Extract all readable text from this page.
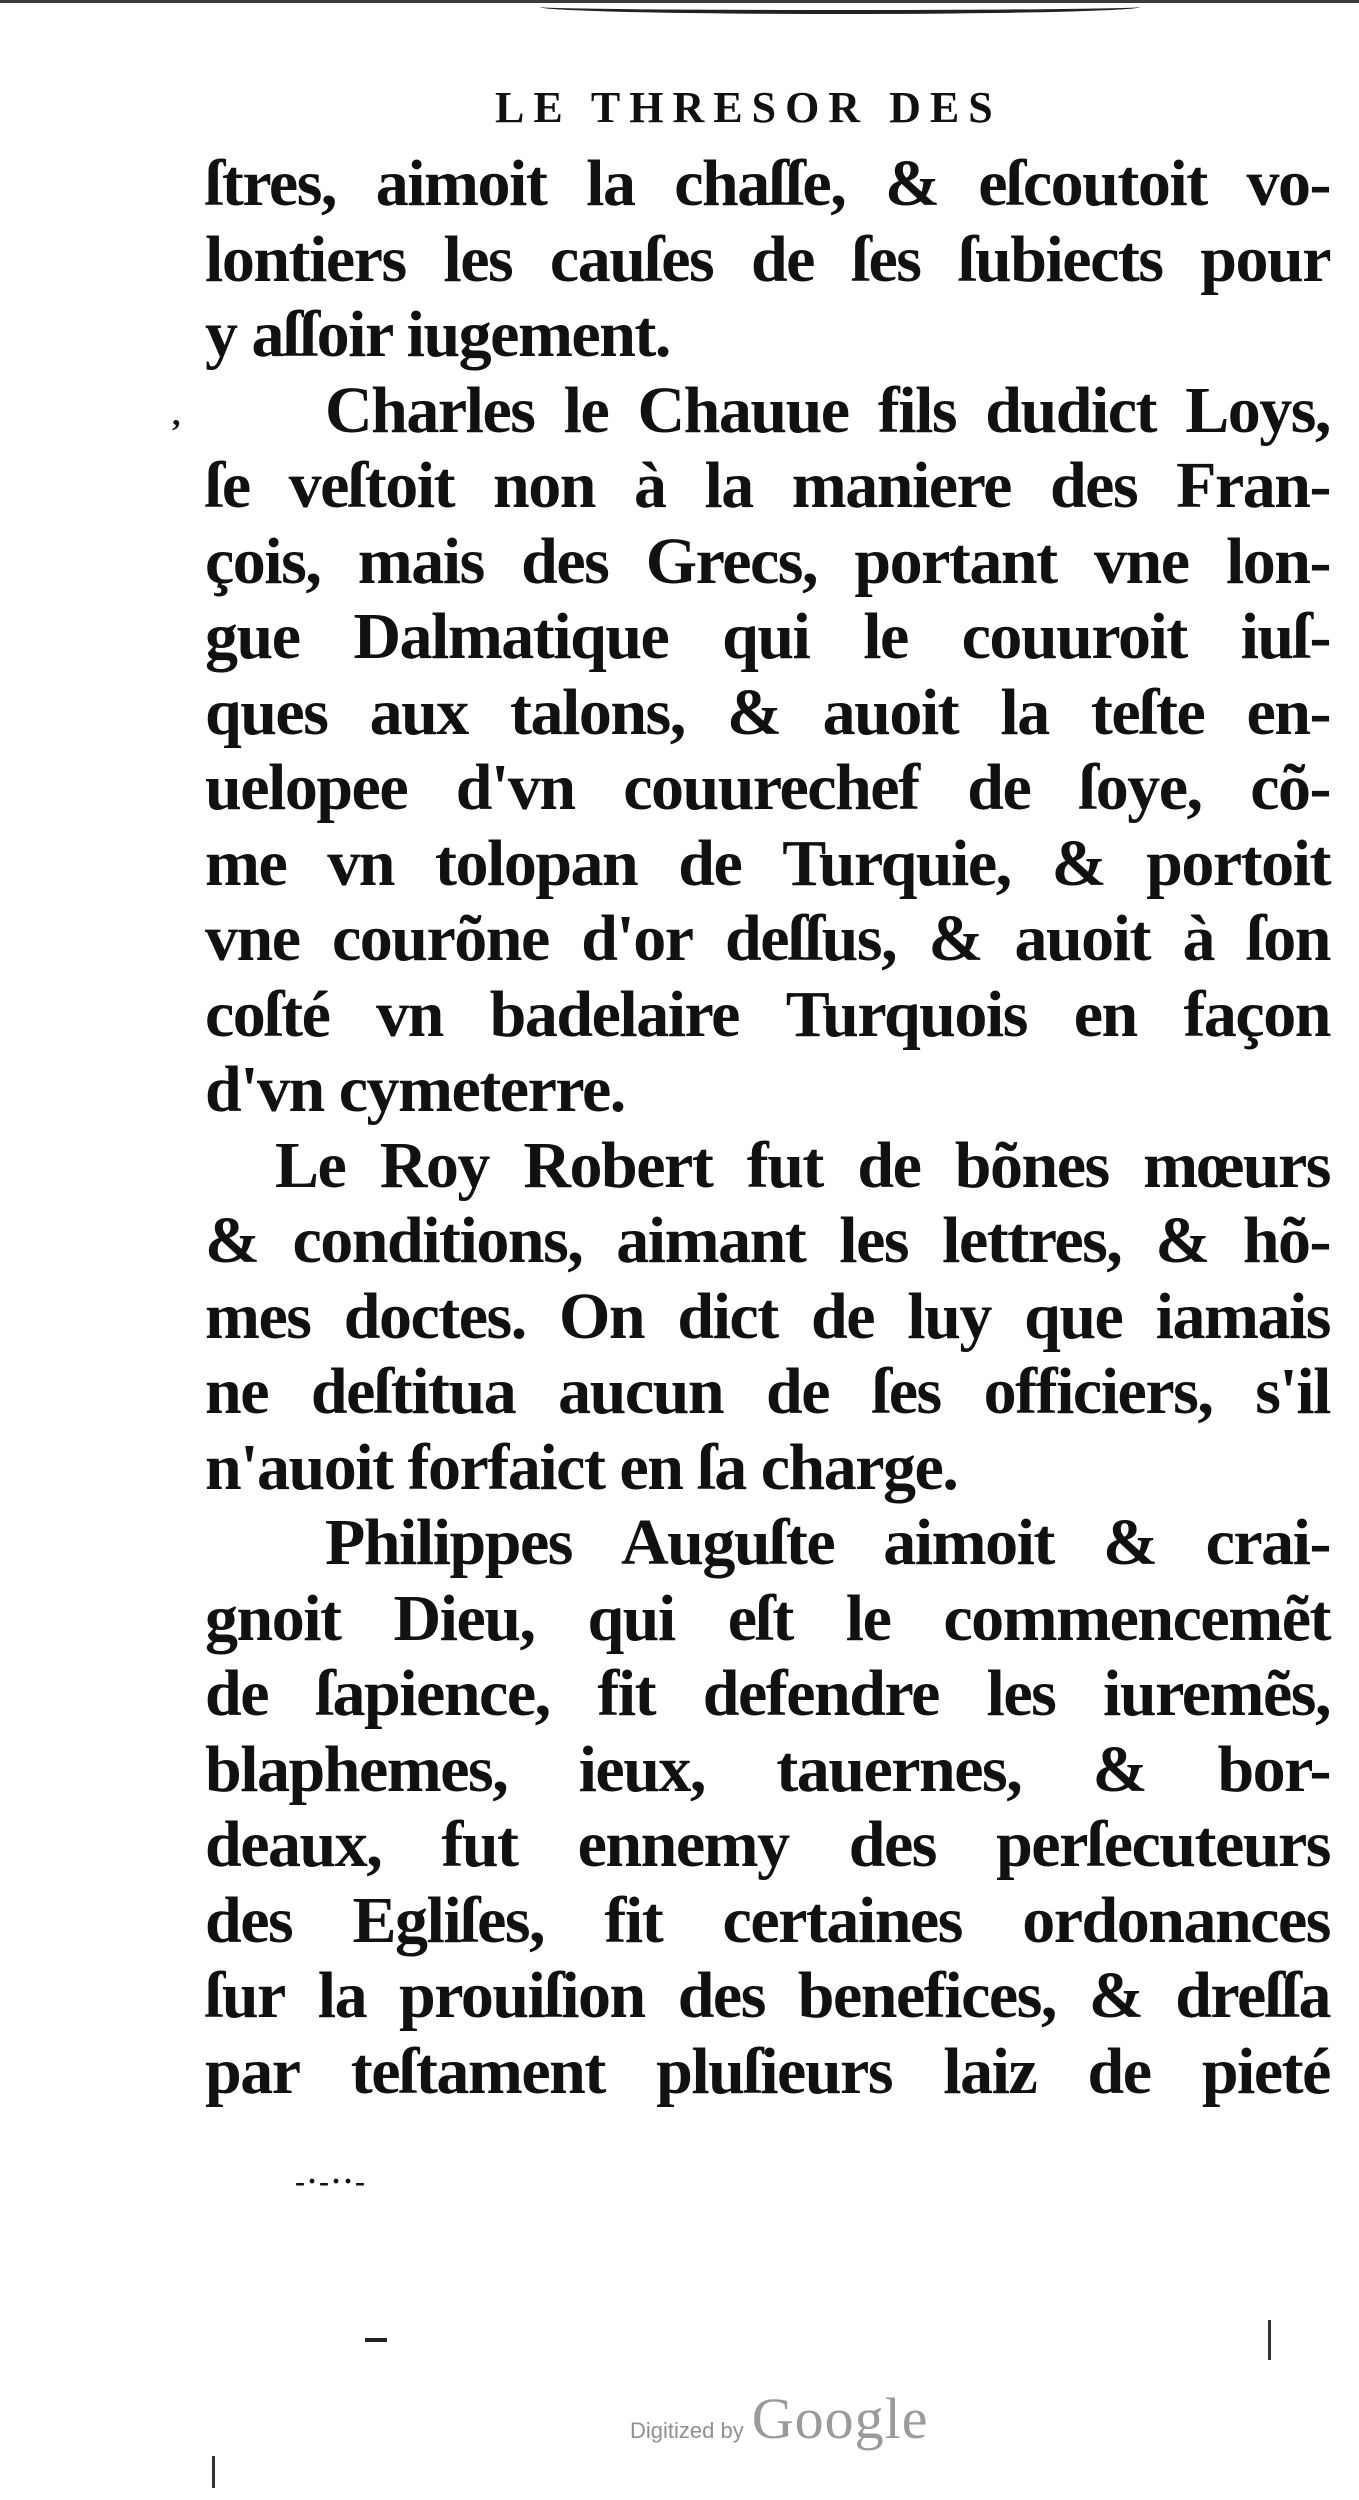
LE THRESOR DES
,
ſtres, aimoit la chaſſe, & eſcoutoit vo-
lontiers les cauſes de ſes ſubiects pour
y aſſoir iugement.
Charles le Chauue fils dudict Loys,
ſe veſtoit non à la maniere des Fran-
çois, mais des Grecs, portant vne lon-
gue Dalmatique qui le couuroit iuſ-
ques aux talons, & auoit la teſte en-
uelopee d'vn couurechef de ſoye, cõ-
me vn tolopan de Turquie, & portoit
vne courõne d'or deſſus, & auoit à ſon
coſté vn badelaire Turquois en façon
d'vn cymeterre.
Le Roy Robert fut de bõnes mœurs
& conditions, aimant les lettres, & hõ-
mes doctes. On dict de luy que iamais
ne deſtitua aucun de ſes officiers, s'il
n'auoit forfaict en ſa charge.
Philippes Auguſte aimoit & crai-
gnoit Dieu, qui eſt le commencemẽt
de ſapience, fit defendre les iuremẽs,
blaphemes, ieux, tauernes, & bor-
deaux, fut ennemy des perſecuteurs
des Egliſes, fit certaines ordonances
ſur la prouiſion des benefices, & dreſſa
par teſtament pluſieurs laiz de pieté
-·-··-
Digitized by Google
